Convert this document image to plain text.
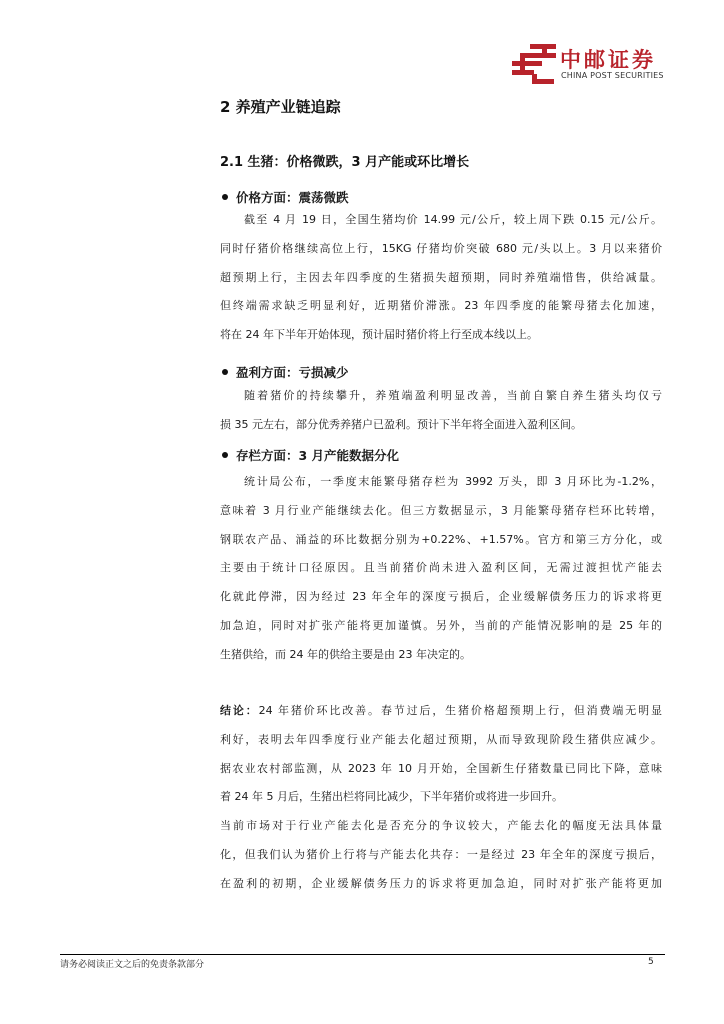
中邮证券
CHINA POST SECURITIES
2 养殖产业链追踪
2.1 生猪：价格微跌，3 月产能或环比增长
价格方面：震荡微跌
截至 4 月 19 日，全国生猪均价 14.99 元/公斤，较上周下跌 0.15 元/公斤。
同时仔猪价格继续高位上行，15KG 仔猪均价突破 680 元/头以上。3 月以来猪价
超预期上行，主因去年四季度的生猪损失超预期，同时养殖端惜售，供给减量。
但终端需求缺乏明显利好，近期猪价滞涨。23 年四季度的能繁母猪去化加速，
将在 24 年下半年开始体现，预计届时猪价将上行至成本线以上。
盈利方面：亏损减少
随着猪价的持续攀升，养殖端盈利明显改善，当前自繁自养生猪头均仅亏
损 35 元左右，部分优秀养猪户已盈利。预计下半年将全面进入盈利区间。
存栏方面：3 月产能数据分化
统计局公布，一季度末能繁母猪存栏为 3992 万头，即 3 月环比为-1.2%，
意味着 3 月行业产能继续去化。但三方数据显示，3 月能繁母猪存栏环比转增，
钢联农产品、涌益的环比数据分别为+0.22%、+1.57%。官方和第三方分化，或
主要由于统计口径原因。且当前猪价尚未进入盈利区间，无需过渡担忧产能去
化就此停滞，因为经过 23 年全年的深度亏损后，企业缓解债务压力的诉求将更
加急迫，同时对扩张产能将更加谨慎。另外，当前的产能情况影响的是 25 年的
生猪供给，而 24 年的供给主要是由 23 年决定的。
结论：24 年猪价环比改善。春节过后，生猪价格超预期上行，但消费端无明显
利好，表明去年四季度行业产能去化超过预期，从而导致现阶段生猪供应减少。
据农业农村部监测，从 2023 年 10 月开始，全国新生仔猪数量已同比下降，意味
着 24 年 5 月后，生猪出栏将同比减少，下半年猪价或将进一步回升。
当前市场对于行业产能去化是否充分的争议较大，产能去化的幅度无法具体量
化，但我们认为猪价上行将与产能去化共存：一是经过 23 年全年的深度亏损后，
在盈利的初期，企业缓解债务压力的诉求将更加急迫，同时对扩张产能将更加
请务必阅读正文之后的免责条款部分	5
